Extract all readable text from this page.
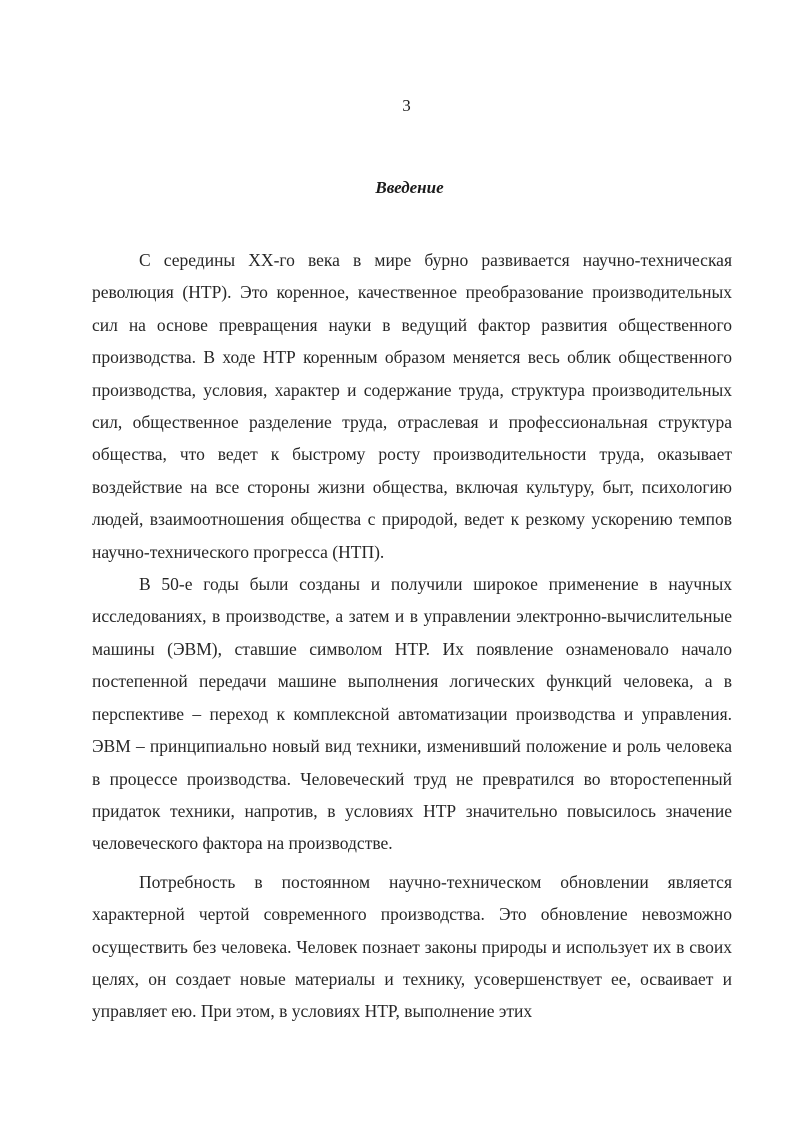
3
Введение

С середины XX-го века в мире бурно развивается научно-техническая революция (НТР). Это коренное, качественное преобразование производительных сил на основе превращения науки в ведущий фактор развития общественного производства. В ходе НТР коренным образом меняется весь облик общественного производства, условия, характер и содержание труда, структура производительных сил, общественное разделение труда, отраслевая и профессиональная структура общества, что ведет к быстрому росту производительности труда, оказывает воздействие на все стороны жизни общества, включая культуру, быт, психологию людей, взаимоотношения общества с природой, ведет к резкому ускорению темпов научно-технического прогресса (НТП).

В 50-е годы были созданы и получили широкое применение в научных исследованиях, в производстве, а затем и в управлении электронно-вычислительные машины (ЭВМ), ставшие символом НТР. Их появление ознаменовало начало постепенной передачи машине выполнения логических функций человека, а в перспективе – переход к комплексной автоматизации производства и управления. ЭВМ – принципиально новый вид техники, изменивший положение и роль человека в процессе производства. Человеческий труд не превратился во второстепенный придаток техники, напротив, в условиях НТР значительно повысилось значение человеческого фактора на производстве.

Потребность в постоянном научно-техническом обновлении является характерной чертой современного производства. Это обновление невозможно осуществить без человека. Человек познает законы природы и использует их в своих целях, он создает новые материалы и технику, усовершенствует ее, осваивает и управляет ею. При этом, в условиях НТР, выполнение этих
